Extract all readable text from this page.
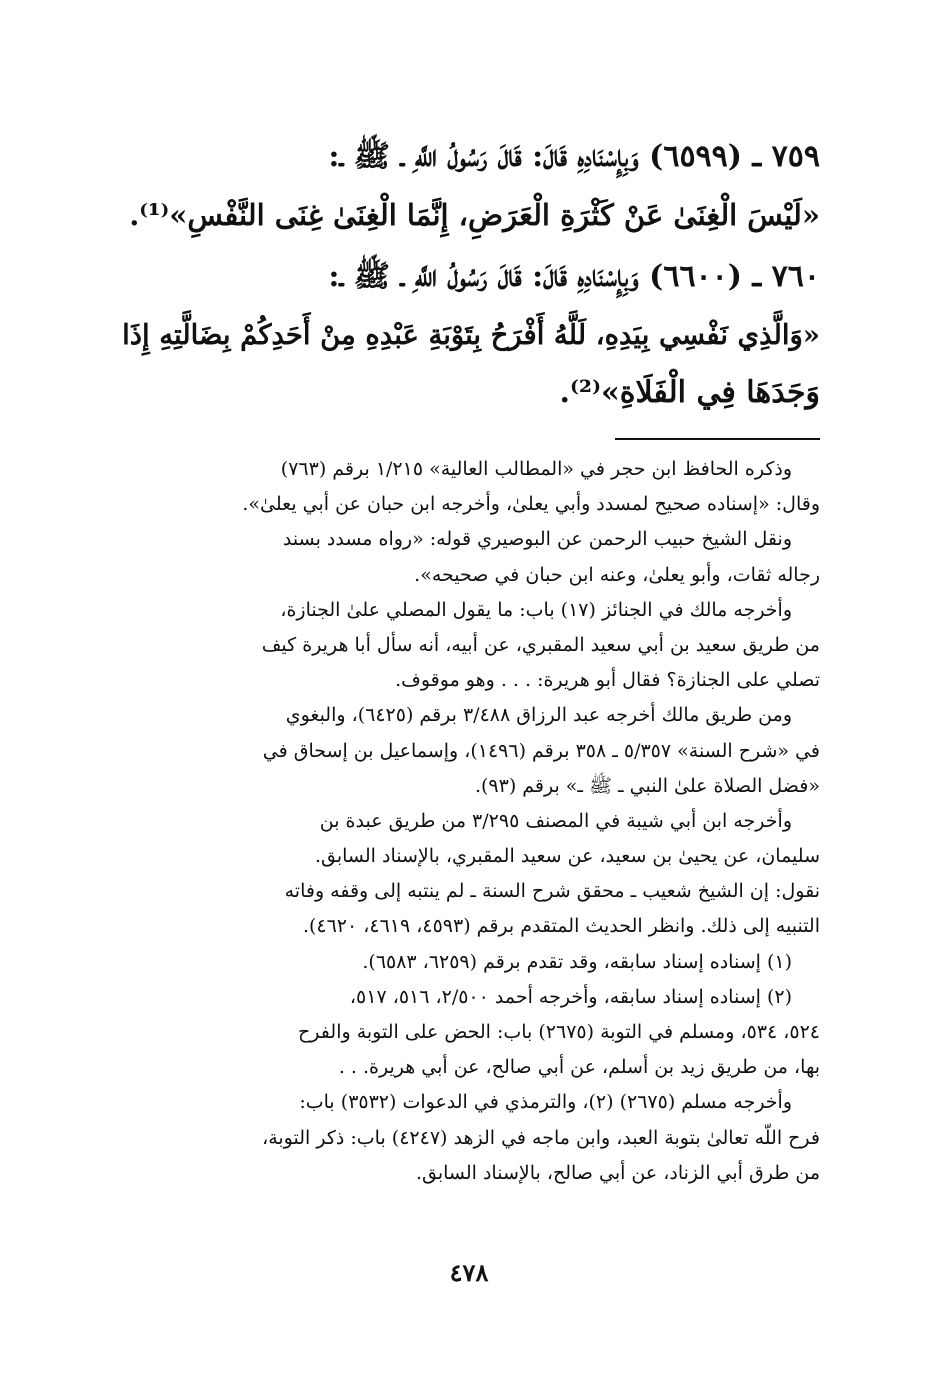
٧٥٩ ـ (٦٥٩٩) وَبِإِسْنَادِهِ قَالَ: قَالَ رَسُولُ اللَّهِ ـ ﷺ ـ:
«لَيْسَ الْغِنَىٰ عَنْ كَثْرَةِ الْعَرَضِ، إِنَّمَا الْغِنَىٰ غِنَى النَّفْسِ»⁽¹⁾.
٧٦٠ ـ (٦٦٠٠) وَبِإِسْنَادِهِ قَالَ: قَالَ رَسُولُ اللَّهِ ـ ﷺ ـ:
«وَالَّذِي نَفْسِي بِيَدِهِ، لَلَّهُ أَفْرَحُ بِتَوْبَةِ عَبْدِهِ مِنْ أَحَدِكُمْ بِضَالَّتِهِ إِذَا
وَجَدَهَا فِي الْفَلَاةِ»⁽²⁾.
وذكره الحافظ ابن حجر في «المطالب العالية» ١/٢١٥ برقم (٧٦٣)
وقال: «إسناده صحيح لمسدد وأبي يعلىٰ، وأخرجه ابن حبان عن أبي يعلىٰ».
ونقل الشيخ حبيب الرحمن عن البوصيري قوله: «رواه مسدد بسند
رجاله ثقات، وأبو يعلىٰ، وعنه ابن حبان في صحيحه».
وأخرجه مالك في الجنائز (١٧) باب: ما يقول المصلي علىٰ الجنازة،
من طريق سعيد بن أبي سعيد المقبري، عن أبيه، أنه سأل أبا هريرة كيف
تصلي على الجنازة؟ فقال أبو هريرة: . . . وهو موقوف.
ومن طريق مالك أخرجه عبد الرزاق ٣/٤٨٨ برقم (٦٤٢٥)، والبغوي
في «شرح السنة» ٥/٣٥٧ ـ ٣٥٨ برقم (١٤٩٦)، وإسماعيل بن إسحاق في
«فضل الصلاة علىٰ النبي ـ ﷺ ـ» برقم (٩٣).
وأخرجه ابن أبي شيبة في المصنف ٣/٢٩٥ من طريق عبدة بن
سليمان، عن يحيىٰ بن سعيد، عن سعيد المقبري، بالإسناد السابق.
نقول: إن الشيخ شعيب ـ محقق شرح السنة ـ لم ينتبه إلى وقفه وفاته
التنبيه إلى ذلك. وانظر الحديث المتقدم برقم (٤٥٩٣، ٤٦١٩، ٤٦٢٠).
(١) إسناده إسناد سابقه، وقد تقدم برقم (٦٢٥٩، ٦٥٨٣).
(٢) إسناده إسناد سابقه، وأخرجه أحمد ٢/٥٠٠، ٥١٦، ٥١٧،
٥٢٤، ٥٣٤، ومسلم في التوبة (٢٦٧٥) باب: الحض على التوبة والفرح
بها، من طريق زيد بن أسلم، عن أبي صالح، عن أبي هريرة. . .
وأخرجه مسلم (٢٦٧٥) (٢)، والترمذي في الدعوات (٣٥٣٢) باب:
فرح اللّه تعالىٰ بتوبة العبد، وابن ماجه في الزهد (٤٢٤٧) باب: ذكر التوبة،
من طرق أبي الزناد، عن أبي صالح، بالإسناد السابق.
٤٧٨
